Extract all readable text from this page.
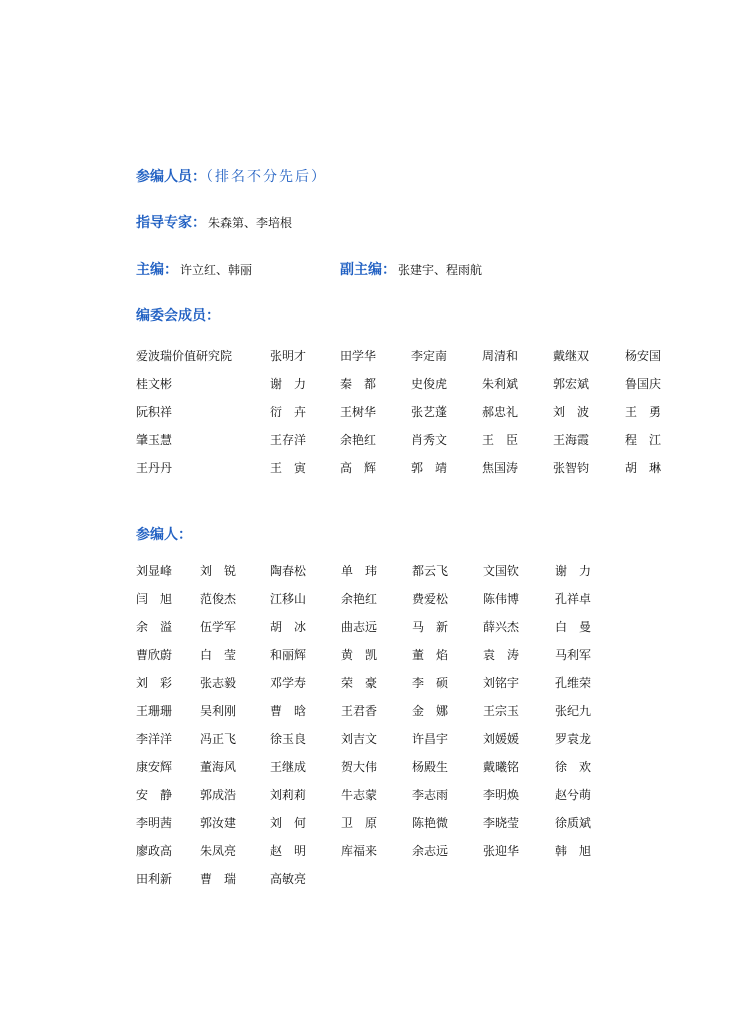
参编人员：（排名不分先后）
指导专家： 朱森第、李培根
主编： 许立红、韩丽	副主编： 张建宇、程雨航
编委会成员：
爱波瑞价值研究院	张明才	田学华	李定南	周清和	戴继双	杨安国
桂文彬	谢　力	秦　都	史俊虎	朱利斌	郭宏斌	鲁国庆
阮积祥	衍　卉	王树华	张艺蓬	郝忠礼	刘　波	王　勇
肇玉慧	王存洋	余艳红	肖秀文	王　臣	王海霞	程　江
王丹丹	王　寅	高　辉	郭　靖	焦国涛	张智钧	胡　琳
参编人：
刘显峰	刘　锐	陶春松	单　玮	都云飞	文国钦	谢　力
闫　旭	范俊杰	江移山	余艳红	费爱松	陈伟博	孔祥卓
余　溢	伍学军	胡　冰	曲志远	马　新	薛兴杰	白　曼
曹欣蔚	白　莹	和丽辉	黄　凯	董　焰	袁　涛	马利军
刘　彩	张志毅	邓学寿	荣　豪	李　硕	刘铭宇	孔维荣
王珊珊	吴利刚	曹　晗	王君香	金　娜	王宗玉	张纪九
李洋洋	冯正飞	徐玉良	刘吉文	许昌宇	刘媛媛	罗袁龙
康安辉	董海风	王继成	贺大伟	杨殿生	戴曦铭	徐　欢
安　静	郭成浩	刘莉莉	牛志蒙	李志雨	李明焕	赵兮萌
李明茜	郭汝建	刘　何	卫　原	陈艳微	李晓莹	徐质斌
廖政高	朱凤亮	赵　明	库福来	余志远	张迎华	韩　旭
田利新	曹　瑞	高敏亮
